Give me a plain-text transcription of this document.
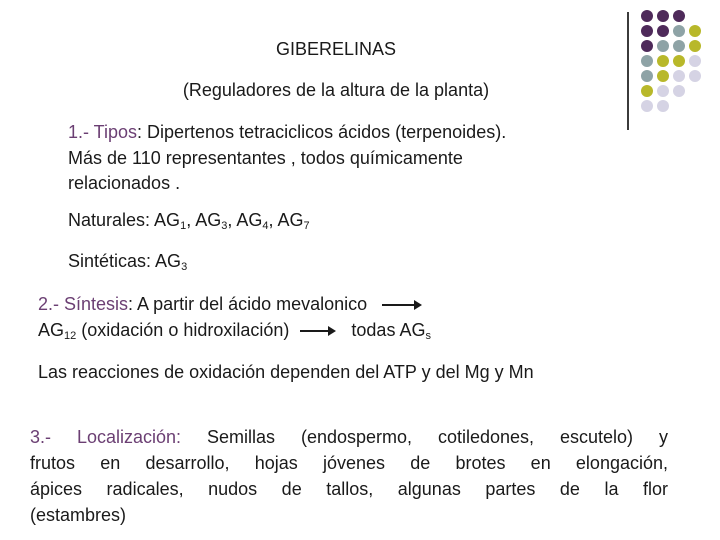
GIBERELINAS
(Reguladores de la altura de la planta)
1.- Tipos: Dipertenos tetraciclicos ácidos (terpenoides).
Más de 110 representantes , todos químicamente
relacionados .
Naturales: $AG_1$, $AG_3$, $AG_4$, $AG_7$
Sintéticas: $AG_3$
2.- Síntesis: A partir del ácido mevalonico
$AG_{12}$ (oxidación o hidroxilación)	todas $AG_s$
Las reacciones de oxidación dependen del ATP y del Mg y Mn
3.- Localización: Semillas (endospermo, cotiledones, escutelo) y
frutos en desarrollo, hojas jóvenes de brotes en elongación,
ápices radicales, nudos de tallos, algunas partes de la flor
(estambres)
